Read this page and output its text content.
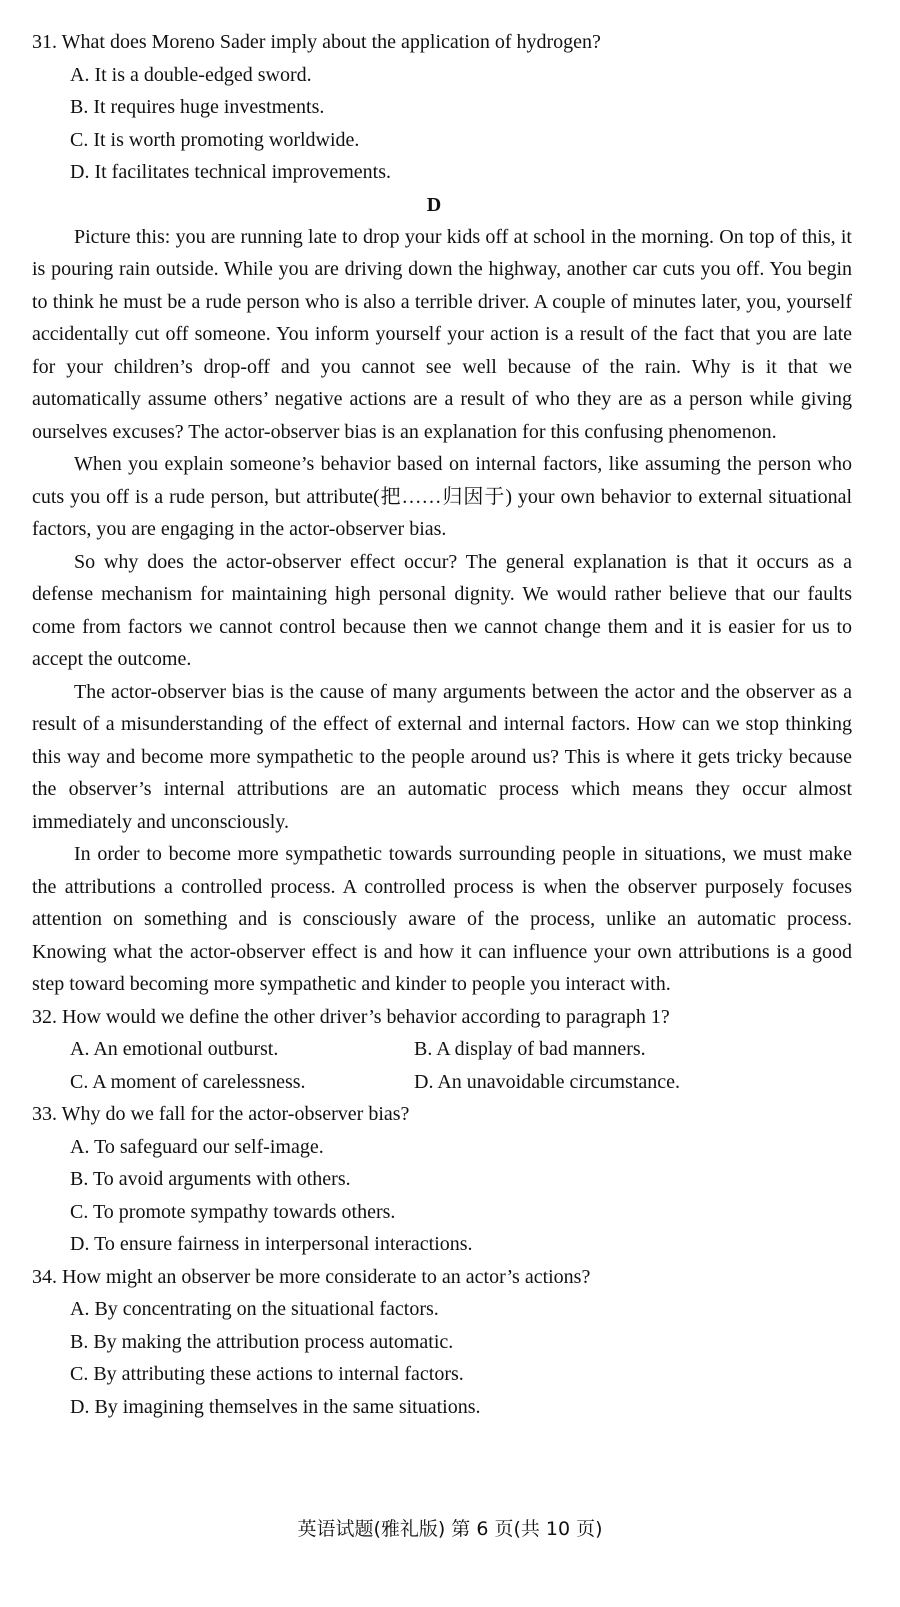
31. What does Moreno Sader imply about the application of hydrogen?
A. It is a double-edged sword.
B. It requires huge investments.
C. It is worth promoting worldwide.
D. It facilitates technical improvements.
D

Picture this: you are running late to drop your kids off at school in the morning. On top of this, it is pouring rain outside. While you are driving down the highway, another car cuts you off. You begin to think he must be a rude person who is also a terrible driver. A couple of minutes later, you, yourself accidentally cut off someone. You inform yourself your action is a result of the fact that you are late for your children’s drop-off and you cannot see well because of the rain. Why is it that we automatically assume others’ negative actions are a result of who they are as a person while giving ourselves excuses? The actor-observer bias is an explanation for this confusing phenomenon.

When you explain someone’s behavior based on internal factors, like assuming the person who cuts you off is a rude person, but attribute(把……归因于) your own behavior to external situational factors, you are engaging in the actor-observer bias.

So why does the actor-observer effect occur? The general explanation is that it occurs as a defense mechanism for maintaining high personal dignity. We would rather believe that our faults come from factors we cannot control because then we cannot change them and it is easier for us to accept the outcome.

The actor-observer bias is the cause of many arguments between the actor and the observer as a result of a misunderstanding of the effect of external and internal factors. How can we stop thinking this way and become more sympathetic to the people around us? This is where it gets tricky because the observer’s internal attributions are an automatic process which means they occur almost immediately and unconsciously.

In order to become more sympathetic towards surrounding people in situations, we must make the attributions a controlled process. A controlled process is when the observer purposely focuses attention on something and is consciously aware of the process, unlike an automatic process. Knowing what the actor-observer effect is and how it can influence your own attributions is a good step toward becoming more sympathetic and kinder to people you interact with.

32. How would we define the other driver’s behavior according to paragraph 1?
A. An emotional outburst.	B. A display of bad manners.
C. A moment of carelessness.	D. An unavoidable circumstance.
33. Why do we fall for the actor-observer bias?
A. To safeguard our self-image.
B. To avoid arguments with others.
C. To promote sympathy towards others.
D. To ensure fairness in interpersonal interactions.
34. How might an observer be more considerate to an actor’s actions?
A. By concentrating on the situational factors.
B. By making the attribution process automatic.
C. By attributing these actions to internal factors.
D. By imagining themselves in the same situations.
英语试题(雅礼版) 第 6 页(共 10 页)
